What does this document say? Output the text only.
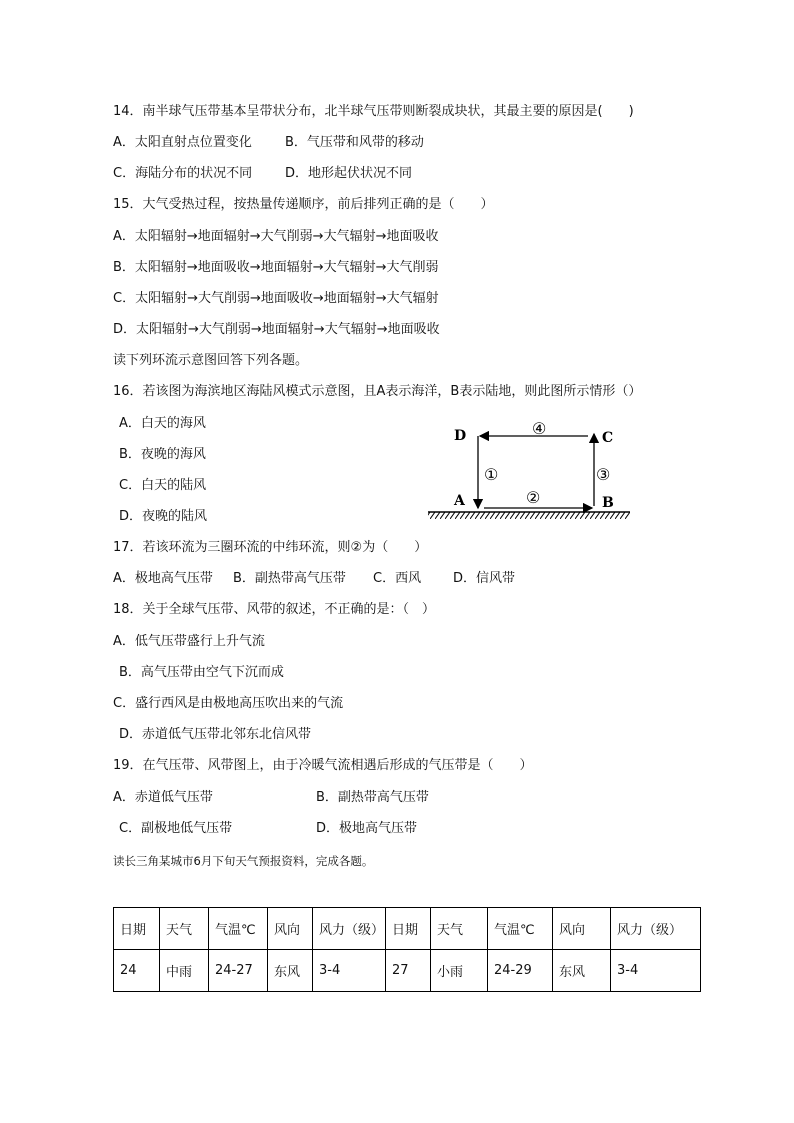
14．南半球气压带基本呈带状分布，北半球气压带则断裂成块状，其最主要的原因是(　　)
A．太阳直射点位置变化	B．气压带和风带的移动
C．海陆分布的状况不同	D．地形起伏状况不同
15．大气受热过程，按热量传递顺序，前后排列正确的是（　　）
A．太阳辐射→地面辐射→大气削弱→大气辐射→地面吸收
B．太阳辐射→地面吸收→地面辐射→大气辐射→大气削弱
C．太阳辐射→大气削弱→地面吸收→地面辐射→大气辐射
D．太阳辐射→大气削弱→地面辐射→大气辐射→地面吸收
读下列环流示意图回答下列各题。
16．若该图为海滨地区海陆风模式示意图，且A表示海洋，B表示陆地，则此图所示情形（）
A．白天的海风
B．夜晚的海风
C．白天的陆风
D．夜晚的陆风
D	C
A	B
④
①	③
②
17．若该环流为三圈环流的中纬环流，则②为（　　）
A．极地高气压带 B．副热带高气压带 C．西风 D．信风带
18．关于全球气压带、风带的叙述，不正确的是：（　）
A．低气压带盛行上升气流
B．高气压带由空气下沉而成
C．盛行西风是由极地高压吹出来的气流
D．赤道低气压带北邻东北信风带
19．在气压带、风带图上，由于冷暖气流相遇后形成的气压带是（　　）
A．赤道低气压带	B．副热带高气压带
C．副极地低气压带	D．极地高气压带
读长三角某城市6月下旬天气预报资料，完成各题。
日期	天气	气温℃	风向	风力（级）	日期	天气	气温℃	风向	风力（级）
24	中雨	24-27	东风	3-4	27	小雨	24-29	东风	3-4
